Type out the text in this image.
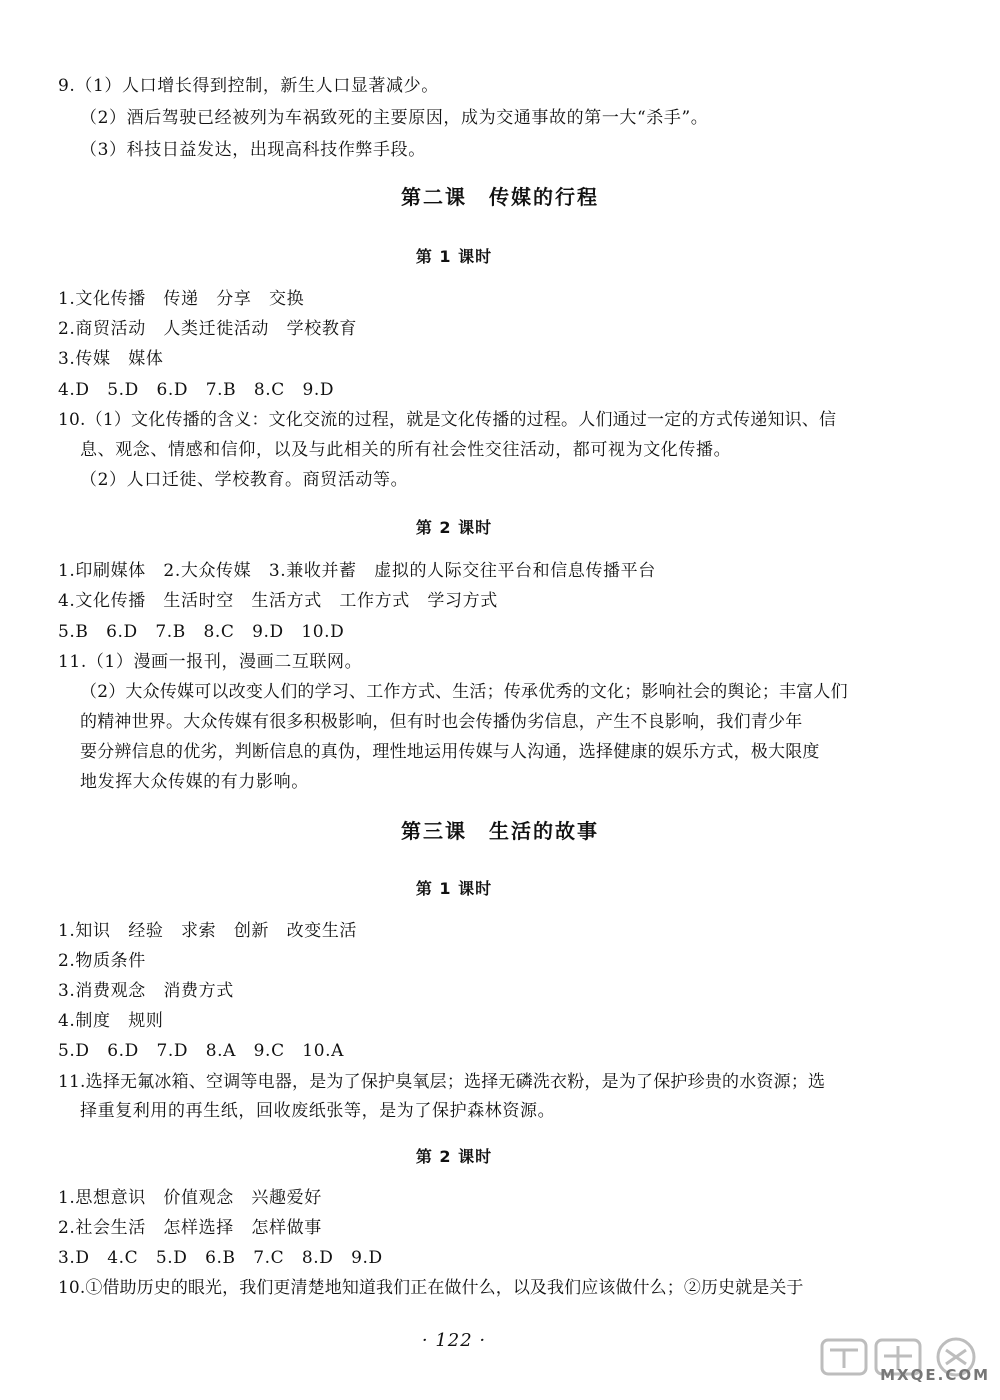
9.（1）人口增长得到控制，新生人口显著减少。
（2）酒后驾驶已经被列为车祸致死的主要原因，成为交通事故的第一大“杀手”。
（3）科技日益发达，出现高科技作弊手段。
第二课　传媒的行程
第 1 课时
1.文化传播　传递　分享　交换
2.商贸活动　人类迁徙活动　学校教育
3.传媒　媒体
4.D　5.D　6.D　7.B　8.C　9.D
10.（1）文化传播的含义：文化交流的过程，就是文化传播的过程。人们通过一定的方式传递知识、信
息、观念、情感和信仰，以及与此相关的所有社会性交往活动，都可视为文化传播。
（2）人口迁徙、学校教育。商贸活动等。
第 2 课时
1.印刷媒体　2.大众传媒　3.兼收并蓄　虚拟的人际交往平台和信息传播平台
4.文化传播　生活时空　生活方式　工作方式　学习方式
5.B　6.D　7.B　8.C　9.D　10.D
11.（1）漫画一报刊，漫画二互联网。
（2）大众传媒可以改变人们的学习、工作方式、生活；传承优秀的文化；影响社会的舆论；丰富人们
的精神世界。大众传媒有很多积极影响，但有时也会传播伪劣信息，产生不良影响，我们青少年
要分辨信息的优劣，判断信息的真伪，理性地运用传媒与人沟通，选择健康的娱乐方式，极大限度
地发挥大众传媒的有力影响。
第三课　生活的故事
第 1 课时
1.知识　经验　求索　创新　改变生活
2.物质条件
3.消费观念　消费方式
4.制度　规则
5.D　6.D　7.D　8.A　9.C　10.A
11.选择无氟冰箱、空调等电器，是为了保护臭氧层；选择无磷洗衣粉，是为了保护珍贵的水资源；选
择重复利用的再生纸，回收废纸张等，是为了保护森林资源。
第 2 课时
1.思想意识　价值观念　兴趣爱好
2.社会生活　怎样选择　怎样做事
3.D　4.C　5.D　6.B　7.C　8.D　9.D
10.①借助历史的眼光，我们更清楚地知道我们正在做什么，以及我们应该做什么；②历史就是关于
· 122 ·
MXQE.COM
